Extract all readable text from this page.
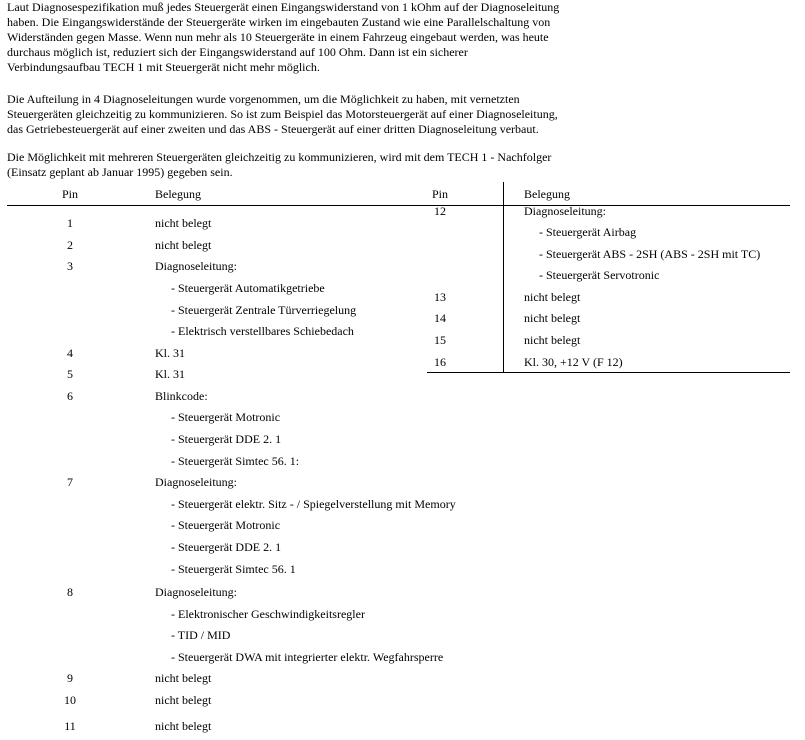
Laut Diagnosespezifikation muß jedes Steuergerät einen Eingangswiderstand von 1 kOhm auf der Diagnoseleitung
haben. Die Eingangswiderstände der Steuergeräte wirken im eingebauten Zustand wie eine Parallelschaltung von
Widerständen gegen Masse. Wenn nun mehr als 10 Steuergeräte in einem Fahrzeug eingebaut werden, was heute
durchaus möglich ist, reduziert sich der Eingangswiderstand auf 100 Ohm. Dann ist ein sicherer
Verbindungsaufbau TECH 1 mit Steuergerät nicht mehr möglich.

Die Aufteilung in 4 Diagnoseleitungen wurde vorgenommen, um die Möglichkeit zu haben, mit vernetzten
Steuergeräten gleichzeitig zu kommunizieren. So ist zum Beispiel das Motorsteuergerät auf einer Diagnoseleitung,
das Getriebesteuergerät auf einer zweiten und das ABS - Steuergerät auf einer dritten Diagnoseleitung verbaut.

Die Möglichkeit mit mehreren Steuergeräten gleichzeitig zu kommunizieren, wird mit dem TECH 1 - Nachfolger
(Einsatz geplant ab Januar 1995) gegeben sein.

Pin	Belegung	Pin	Belegung
1	nicht belegt
2	nicht belegt
3	Diagnoseleitung:
- Steuergerät Automatikgetriebe
- Steuergerät Zentrale Türverriegelung
- Elektrisch verstellbares Schiebedach
4	Kl. 31
5	Kl. 31
6	Blinkcode:
- Steuergerät Motronic
- Steuergerät DDE 2. 1
- Steuergerät Simtec 56. 1:
7	Diagnoseleitung:
- Steuergerät elektr. Sitz - / Spiegelverstellung mit Memory
- Steuergerät Motronic
- Steuergerät DDE 2. 1
- Steuergerät Simtec 56. 1
8	Diagnoseleitung:
- Elektronischer Geschwindigkeitsregler
- TID / MID
- Steuergerät DWA mit integrierter elektr. Wegfahrsperre
9	nicht belegt
10	nicht belegt
11	nicht belegt
12	Diagnoseleitung:
- Steuergerät Airbag
- Steuergerät ABS - 2SH (ABS - 2SH mit TC)
- Steuergerät Servotronic
13	nicht belegt
14	nicht belegt
15	nicht belegt
16	Kl. 30, +12 V (F 12)
